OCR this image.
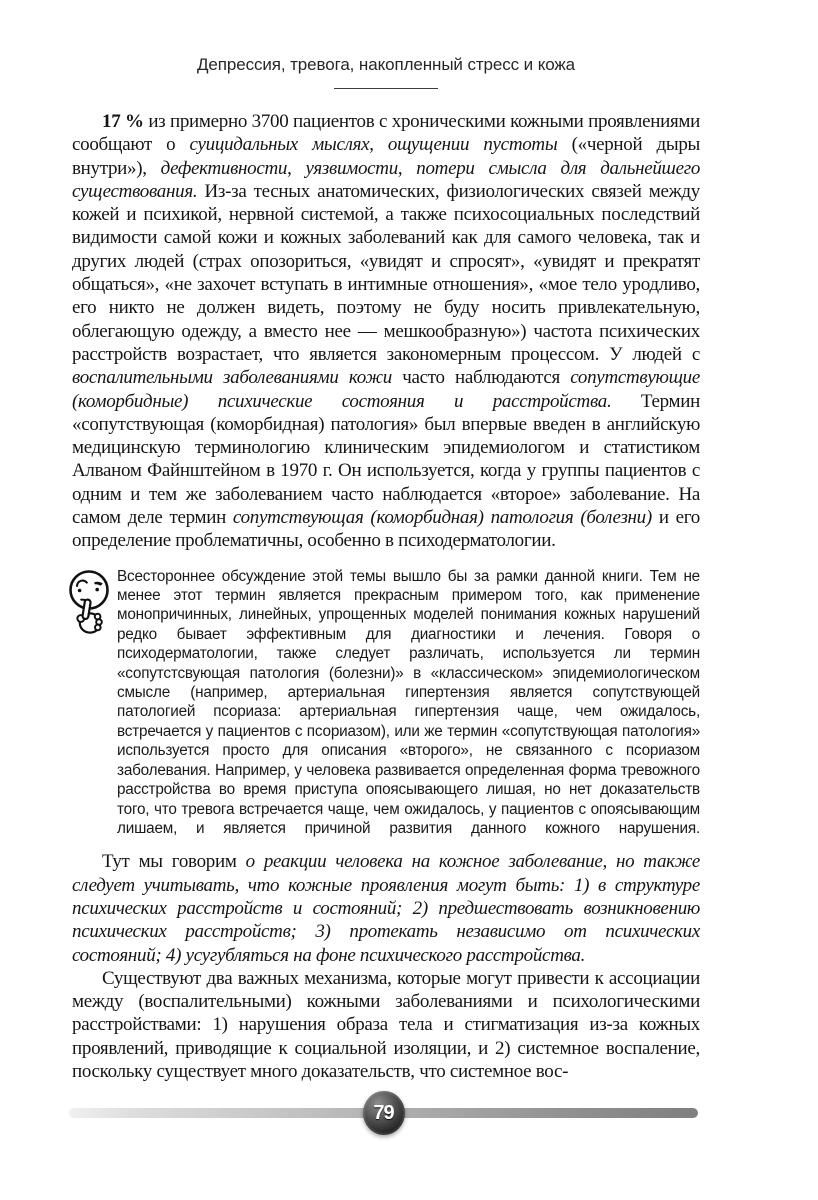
Депрессия, тревога, накопленный стресс и кожа

17 % из примерно 3700 пациентов с хроническими кожными проявлениями сообщают о суицидальных мыслях, ощущении пустоты («черной дыры внутри»), дефективности, уязвимости, потери смысла для дальнейшего существования. Из-за тесных анатомических, физиологических связей между кожей и психикой, нервной системой, а также психосоциальных последствий видимости самой кожи и кожных заболеваний как для самого человека, так и других людей (страх опозориться, «увидят и спросят», «увидят и прекратят общаться», «не захочет вступать в интимные отношения», «мое тело уродливо, его никто не должен видеть, поэтому не буду носить привлекательную, облегающую одежду, а вместо нее — мешкообразную») частота психических расстройств возрастает, что является закономерным процессом. У людей с воспалительными заболеваниями кожи часто наблюдаются сопутствующие (коморбидные) психические состояния и расстройства. Термин «сопутствующая (коморбидная) патология» был впервые введен в английскую медицинскую терминологию клиническим эпидемиологом и статистиком Алваном Файнштейном в 1970 г. Он используется, когда у группы пациентов с одним и тем же заболеванием часто наблюдается «второе» заболевание. На самом деле термин сопутствующая (коморбидная) патология (болезни) и его определение проблематичны, особенно в психодерматологии.

Всестороннее обсуждение этой темы вышло бы за рамки данной книги. Тем не менее этот термин является прекрасным примером того, как применение монопричинных, линейных, упрощенных моделей понимания кожных нарушений редко бывает эффективным для диагностики и лечения. Говоря о психодерматологии, также следует различать, используется ли термин «сопутстсвующая патология (болезни)» в «классическом» эпидемиологическом смысле (например, артериальная гипертензия является сопутствующей патологией псориаза: артериальная гипертензия чаще, чем ожидалось, встречается у пациентов с псориазом), или же термин «сопутствующая патология» используется просто для описания «второго», не связанного с псориазом заболевания. Например, у человека развивается определенная форма тревожного расстройства во время приступа опоясывающего лишая, но нет доказательств того, что тревога встречается чаще, чем ожидалось, у пациентов с опоясывающим лишаем, и является причиной развития данного кожного нарушения.

Тут мы говорим о реакции человека на кожное заболевание, но также следует учитывать, что кожные проявления могут быть: 1) в структуре психических расстройств и состояний; 2) предшествовать возникновению психических расстройств; 3) протекать независимо от психических состояний; 4) усугубляться на фоне психического расстройства.

Существуют два важных механизма, которые могут привести к ассоциации между (воспалительными) кожными заболеваниями и психологическими расстройствами: 1) нарушения образа тела и стигматизация из-за кожных проявлений, приводящие к социальной изоляции, и 2) системное воспаление, поскольку существует много доказательств, что системное вос-

79
